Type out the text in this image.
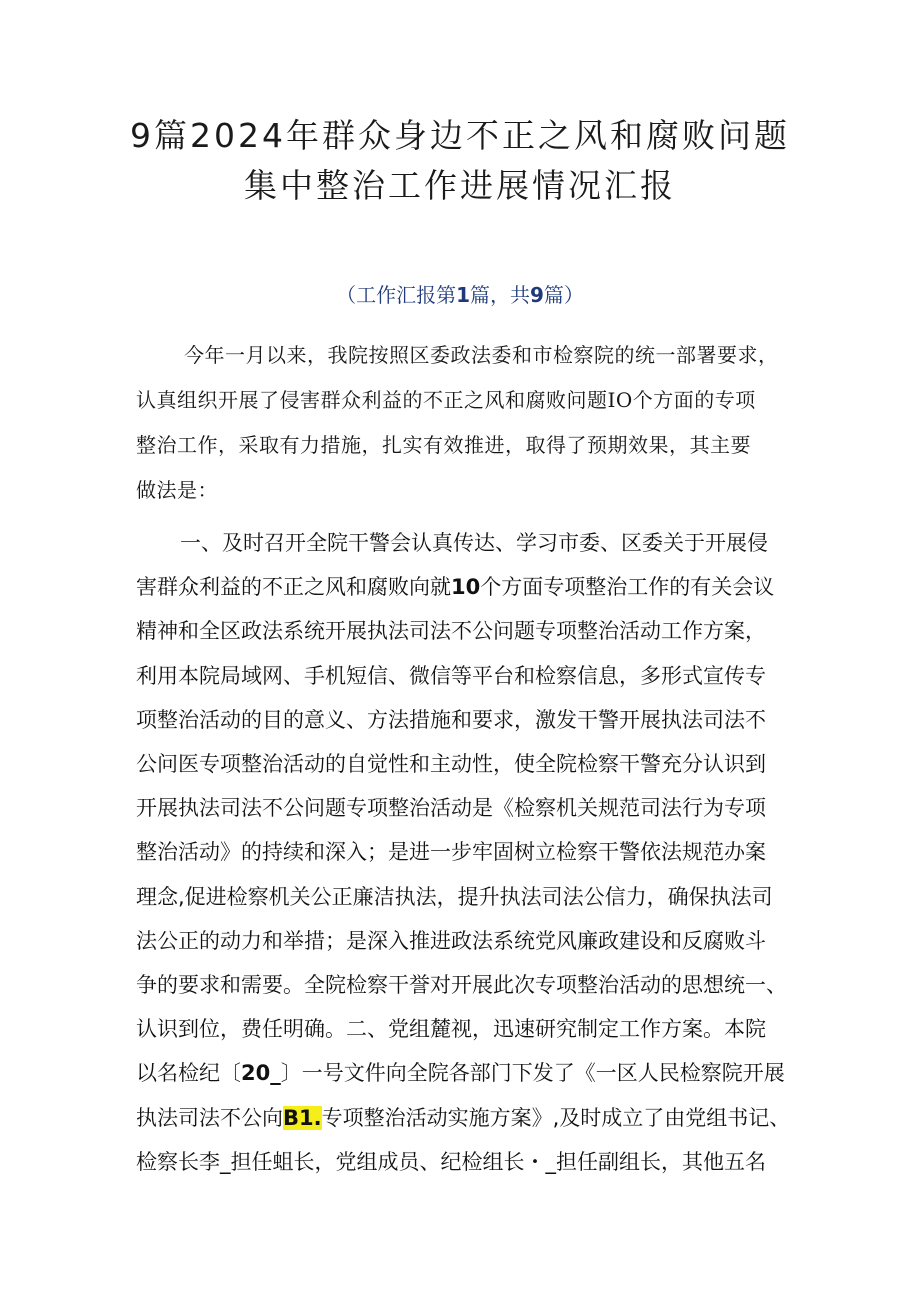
9篇2024年群众身边不正之风和腐败问题
集中整治工作进展情况汇报
（工作汇报第1篇，共9篇）
今年一月以来，我院按照区委政法委和市检察院的统一部署要求，
认真组织开展了侵害群众利益的不正之风和腐败问题IO个方面的专项
整治工作，采取有力措施，扎实有效推进，取得了预期效果，其主要
做法是：
一、及时召开全院干警会认真传达、学习市委、区委关于开展侵
害群众利益的不正之风和腐败向就10个方面专项整治工作的有关会议
精神和全区政法系统开展执法司法不公问题专项整治活动工作方案，
利用本院局域网、手机短信、微信等平台和检察信息，多形式宣传专
项整治活动的目的意义、方法措施和要求，激发干警开展执法司法不
公问医专项整治活动的自觉性和主动性，使全院检察干警充分认识到
开展执法司法不公问题专项整治活动是《检察机关规范司法行为专项
整治活动》的持续和深入；是进一步牢固树立检察干警依法规范办案
理念,促进检察机关公正廉洁执法，提升执法司法公信力，确保执法司
法公正的动力和举措；是深入推进政法系统党风廉政建设和反腐败斗
争的要求和需要。全院检察干誉对开展此次专项整治活动的思想统一、
认识到位，费任明确。二、党组麓视，迅速研究制定工作方案。本院
以名检纪〔20_〕一号文件向全院各部门下发了《一区人民检察院开展
执法司法不公向B1.专项整治活动实施方案》,及时成立了由党组书记、
检察长李_担任蛆长，党组成员、纪检组长・_担任副组长，其他五名
